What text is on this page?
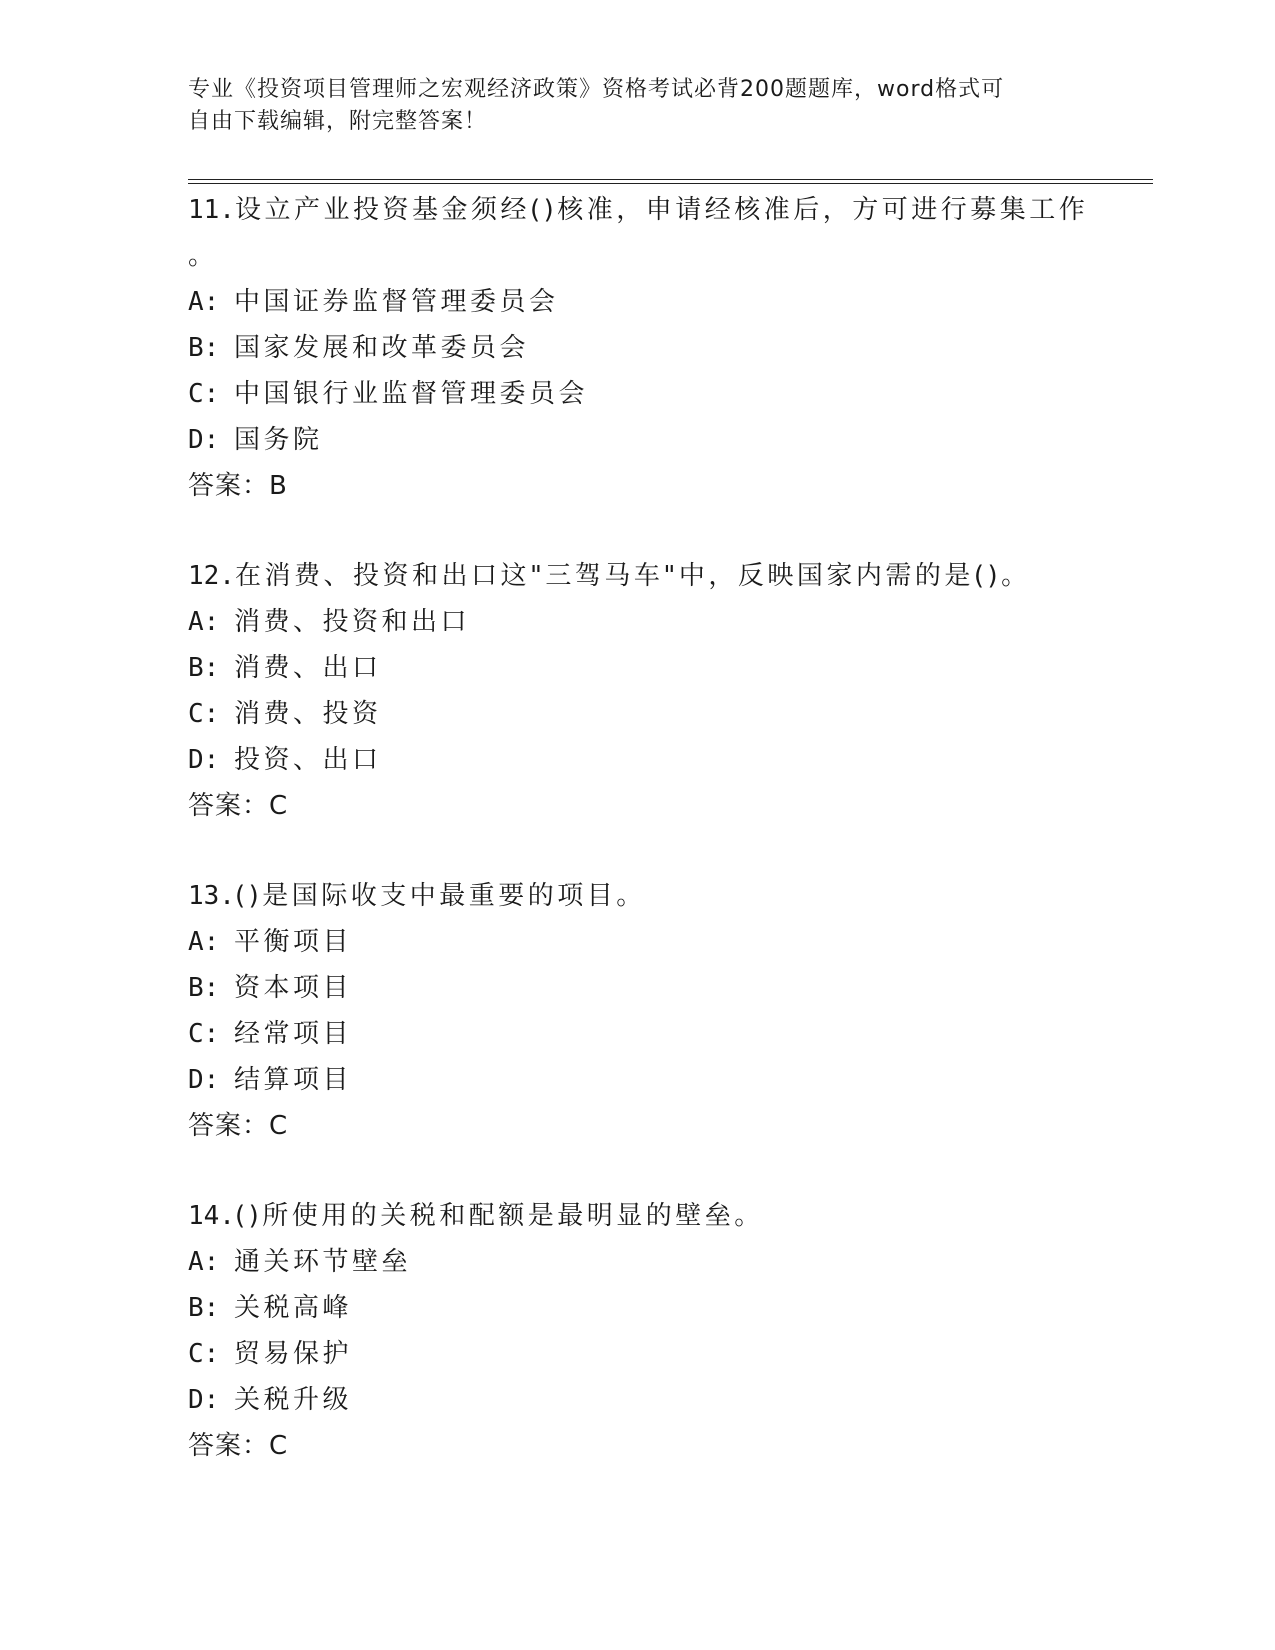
专业《投资项目管理师之宏观经济政策》资格考试必背200题题库，word格式可
自由下载编辑，附完整答案！
11.设立产业投资基金须经()核准，申请经核准后，方可进行募集工作
。
A: 中国证券监督管理委员会
B: 国家发展和改革委员会
C: 中国银行业监督管理委员会
D: 国务院
答案：B
12.在消费、投资和出口这"三驾马车"中，反映国家内需的是()。
A: 消费、投资和出口
B: 消费、出口
C: 消费、投资
D: 投资、出口
答案：C
13.()是国际收支中最重要的项目。
A: 平衡项目
B: 资本项目
C: 经常项目
D: 结算项目
答案：C
14.()所使用的关税和配额是最明显的壁垒。
A: 通关环节壁垒
B: 关税高峰
C: 贸易保护
D: 关税升级
答案：C
